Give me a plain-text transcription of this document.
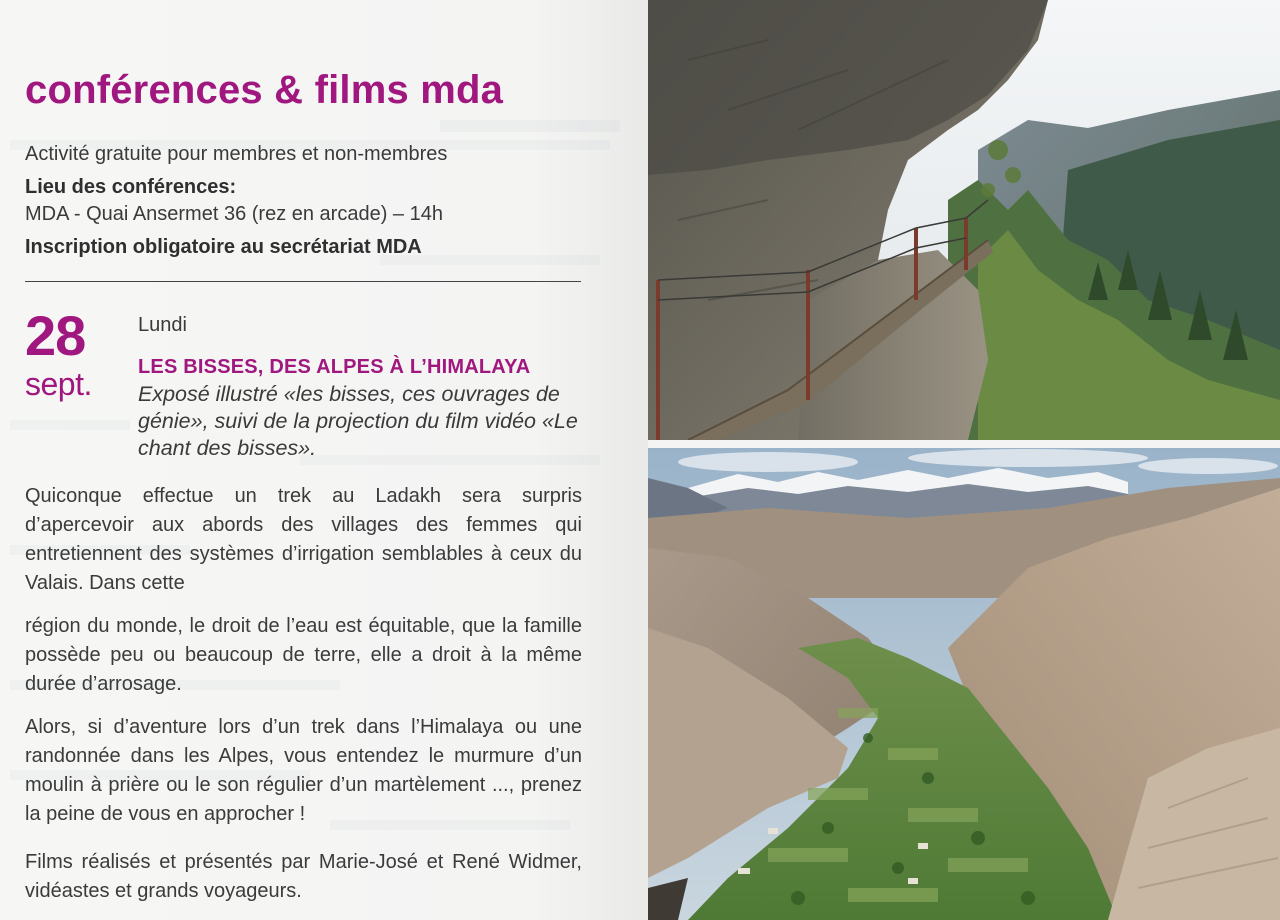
conférences & films mda

Activité gratuite pour membres et non-membres

Lieu des conférences:

MDA - Quai Ansermet 36 (rez en arcade) – 14h

Inscription obligatoire au secrétariat MDA

28
sept.
Lundi
LES BISSES, DES ALPES À L’HIMALAYA

Exposé illustré «les bisses, ces ouvrages de génie», suivi de la projection du film vidéo «Le chant des bisses».

Quiconque effectue un trek au Ladakh sera surpris d’apercevoir aux abords des villages des femmes qui entretiennent des systèmes d’irrigation semblables à ceux du Valais. Dans cette

région du monde, le droit de l’eau est équitable, que la famille possède peu ou beaucoup de terre, elle a droit à la même durée d’arrosage.

Alors, si d’aventure lors d’un trek dans l’Himalaya ou une randonnée dans les Alpes, vous entendez le murmure d’un moulin à prière ou le son régulier d’un martèlement ..., prenez la peine de vous en approcher !

Films réalisés et présentés par Marie-José et René Widmer, vidéastes et grands voyageurs.
